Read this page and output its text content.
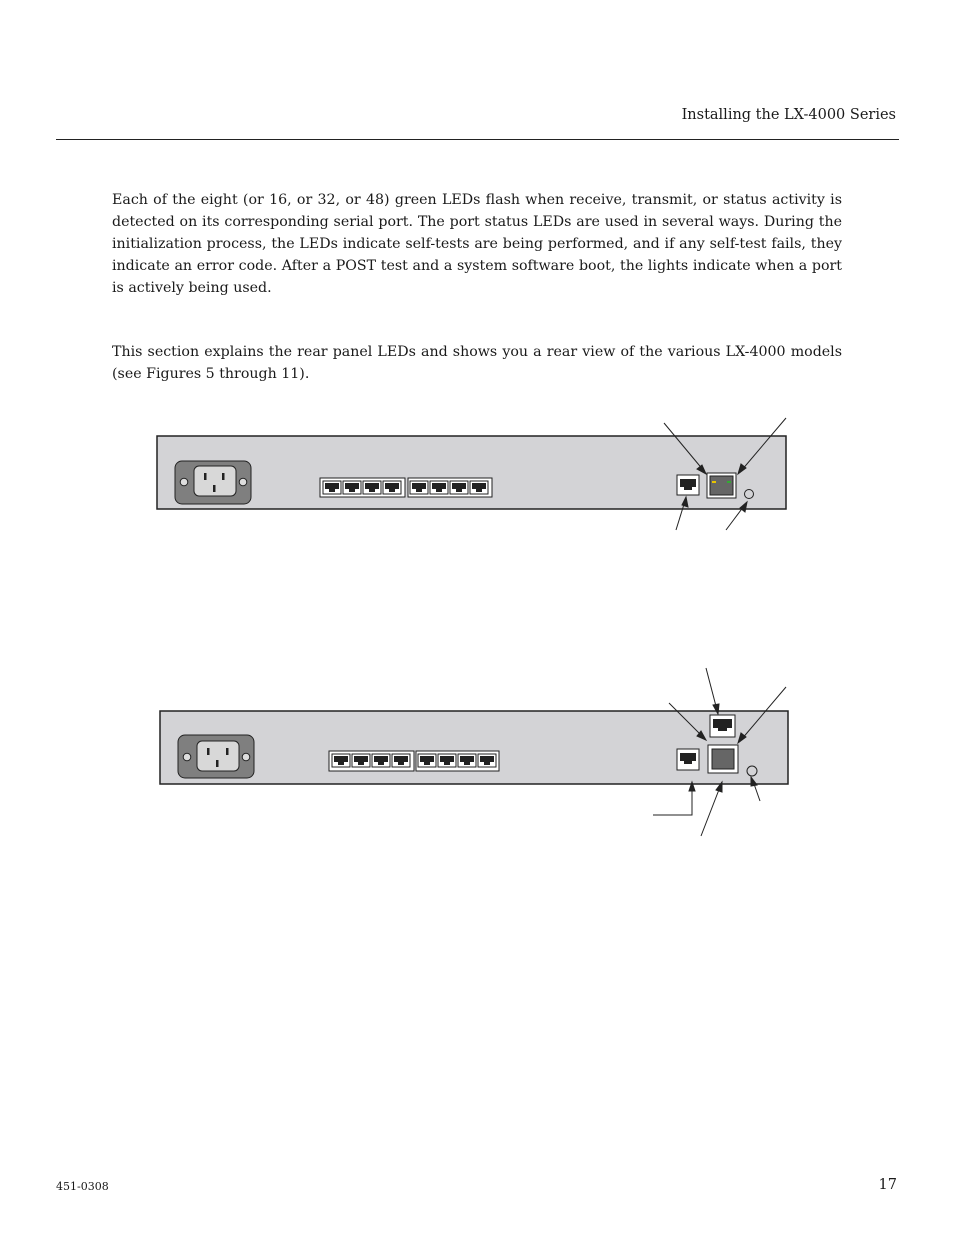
Installing the LX-4000 Series

Each of the eight (or 16, or 32, or 48) green LEDs flash when receive, transmit, or status activity is detected on its corresponding serial port. The port status LEDs are used in several ways. During the initialization process, the LEDs indicate self-tests are being performed, and if any self-test fails, they indicate an error code. After a POST test and a system software boot, the lights indicate when a port is actively being used.

This section explains the rear panel LEDs and shows you a rear view of the various LX-4000 models (see Figures 5 through 11).

451-0308	17
